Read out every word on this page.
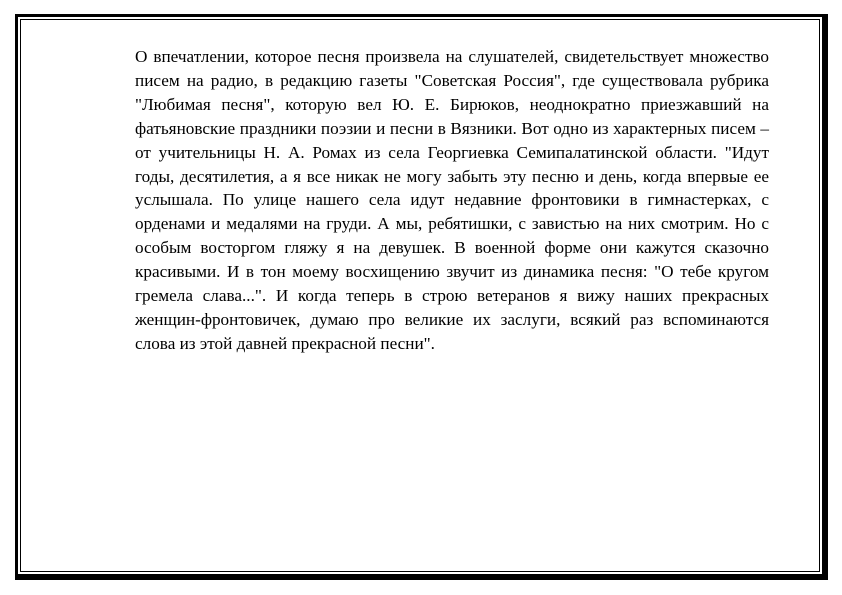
О впечатлении, которое песня произвела на слушателей, свидетельствует множество писем на радио, в редакцию газеты "Советская Россия", где существовала рубрика "Любимая песня", которую вел Ю. Е. Бирюков, неоднократно приезжавший на фатьяновские праздники поэзии и песни в Вязники. Вот одно из характерных писем – от учительницы Н. А. Ромах из села Георгиевка Семипалатинской области. "Идут годы, десятилетия, а я все никак не могу забыть эту песню и день, когда впервые ее услышала. По улице нашего села идут недавние фронтовики в гимнастерках, с орденами и медалями на груди. А мы, ребятишки, с завистью на них смотрим. Но с особым восторгом гляжу я на девушек. В военной форме они кажутся сказочно красивыми. И в тон моему восхищению звучит из динамика песня: "О тебе кругом гремела слава...". И когда теперь в строю ветеранов я вижу наших прекрасных женщин-фронтовичек, думаю про великие их заслуги, всякий раз вспоминаются слова из этой давней прекрасной песни".
